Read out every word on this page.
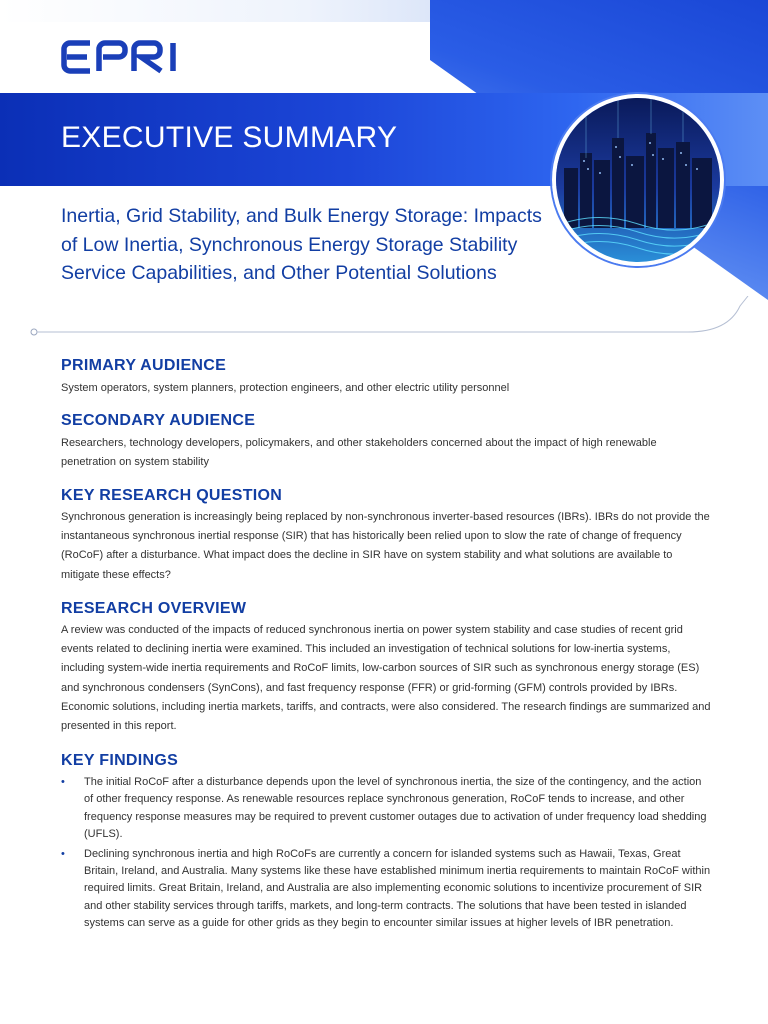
EXECUTIVE SUMMARY
Inertia, Grid Stability, and Bulk Energy Storage: Impacts of Low Inertia, Synchronous Energy Storage Stability Service Capabilities, and Other Potential Solutions
PRIMARY AUDIENCE

System operators, system planners, protection engineers, and other electric utility personnel

SECONDARY AUDIENCE

Researchers, technology developers, policymakers, and other stakeholders concerned about the impact of high renewable penetration on system stability

KEY RESEARCH QUESTION

Synchronous generation is increasingly being replaced by non-synchronous inverter-based resources (IBRs). IBRs do not provide the instantaneous synchronous inertial response (SIR) that has historically been relied upon to slow the rate of change of frequency (RoCoF) after a disturbance. What impact does the decline in SIR have on system stability and what solutions are available to mitigate these effects?

RESEARCH OVERVIEW

A review was conducted of the impacts of reduced synchronous inertia on power system stability and case studies of recent grid events related to declining inertia were examined. This included an investigation of technical solutions for low-inertia systems, including system-wide inertia requirements and RoCoF limits, low-carbon sources of SIR such as synchronous energy storage (ES) and synchronous condensers (SynCons), and fast frequency response (FFR) or grid-forming (GFM) controls provided by IBRs. Economic solutions, including inertia markets, tariffs, and contracts, were also considered. The research findings are summarized and presented in this report.

KEY FINDINGS
• The initial RoCoF after a disturbance depends upon the level of synchronous inertia, the size of the contingency, and the action of other frequency response. As renewable resources replace synchronous generation, RoCoF tends to increase, and other frequency response measures may be required to prevent customer outages due to activation of under frequency load shedding (UFLS).
• Declining synchronous inertia and high RoCoFs are currently a concern for islanded systems such as Hawaii, Texas, Great Britain, Ireland, and Australia. Many systems like these have established minimum inertia requirements to maintain RoCoF within required limits. Great Britain, Ireland, and Australia are also implementing economic solutions to incentivize procurement of SIR and other stability services through tariffs, markets, and long-term contracts. The solutions that have been tested in islanded systems can serve as a guide for other grids as they begin to encounter similar issues at higher levels of IBR penetration.
